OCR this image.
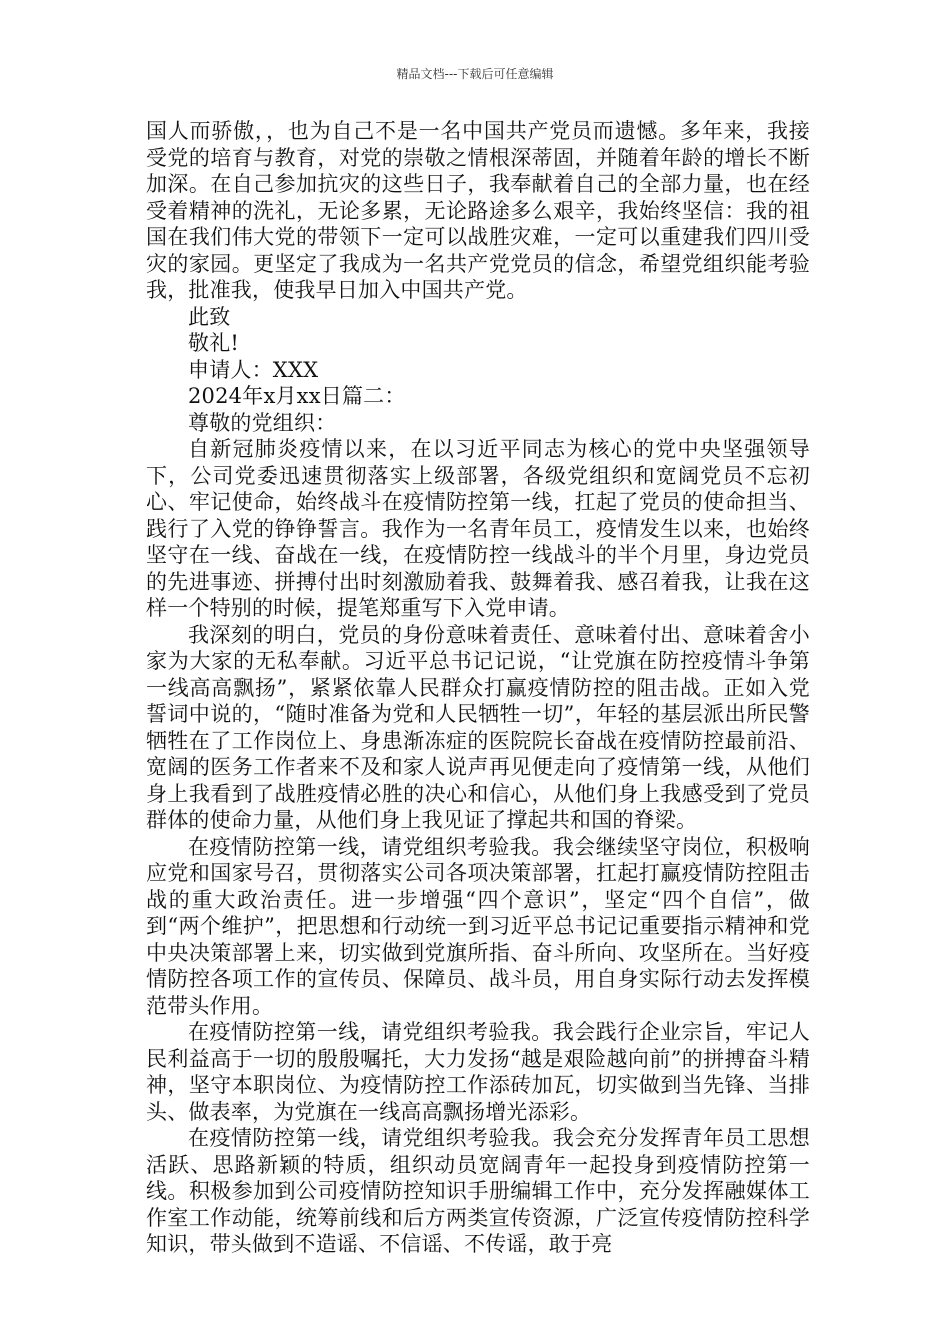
精品文档---下载后可任意编辑

国人而骄傲，，也为自己不是一名中国共产党员而遗憾。多年来，我接受党的培育与教育，对党的崇敬之情根深蒂固，并随着年龄的增长不断加深。在自己参加抗灾的这些日子，我奉献着自己的全部力量，也在经受着精神的洗礼，无论多累，无论路途多么艰辛，我始终坚信：我的祖国在我们伟大党的带领下一定可以战胜灾难，一定可以重建我们四川受灾的家园。更坚定了我成为一名共产党党员的信念，希望党组织能考验我，批准我，使我早日加入中国共产党。

此致

敬礼!

申请人：XXX

2024年x月xx日篇二：

尊敬的党组织：

自新冠肺炎疫情以来，在以习近平同志为核心的党中央坚强领导下，公司党委迅速贯彻落实上级部署，各级党组织和宽阔党员不忘初心、牢记使命，始终战斗在疫情防控第一线，扛起了党员的使命担当、践行了入党的铮铮誓言。我作为一名青年员工，疫情发生以来，也始终坚守在一线、奋战在一线，在疫情防控一线战斗的半个月里，身边党员的先进事迹、拼搏付出时刻激励着我、鼓舞着我、感召着我，让我在这样一个特别的时候，提笔郑重写下入党申请。

我深刻的明白，党员的身份意味着责任、意味着付出、意味着舍小家为大家的无私奉献。习近平总书记记说，“让党旗在防控疫情斗争第一线高高飘扬”，紧紧依靠人民群众打赢疫情防控的阻击战。正如入党誓词中说的，“随时准备为党和人民牺牲一切”，年轻的基层派出所民警牺牲在了工作岗位上、身患渐冻症的医院院长奋战在疫情防控最前沿、宽阔的医务工作者来不及和家人说声再见便走向了疫情第一线，从他们身上我看到了战胜疫情必胜的决心和信心，从他们身上我感受到了党员群体的使命力量，从他们身上我见证了撑起共和国的脊梁。

在疫情防控第一线，请党组织考验我。我会继续坚守岗位，积极响应党和国家号召，贯彻落实公司各项决策部署，扛起打赢疫情防控阻击战的重大政治责任。进一步增强“四个意识”，坚定“四个自信”，做到“两个维护”，把思想和行动统一到习近平总书记记重要指示精神和党中央决策部署上来，切实做到党旗所指、奋斗所向、攻坚所在。当好疫情防控各项工作的宣传员、保障员、战斗员，用自身实际行动去发挥模范带头作用。

在疫情防控第一线，请党组织考验我。我会践行企业宗旨，牢记人民利益高于一切的殷殷嘱托，大力发扬“越是艰险越向前”的拼搏奋斗精神，坚守本职岗位、为疫情防控工作添砖加瓦，切实做到当先锋、当排头、做表率，为党旗在一线高高飘扬增光添彩。

在疫情防控第一线，请党组织考验我。我会充分发挥青年员工思想活跃、思路新颖的特质，组织动员宽阔青年一起投身到疫情防控第一线。积极参加到公司疫情防控知识手册编辑工作中，充分发挥融媒体工作室工作动能，统筹前线和后方两类宣传资源，广泛宣传疫情防控科学知识，带头做到不造谣、不信谣、不传谣，敢于亮
